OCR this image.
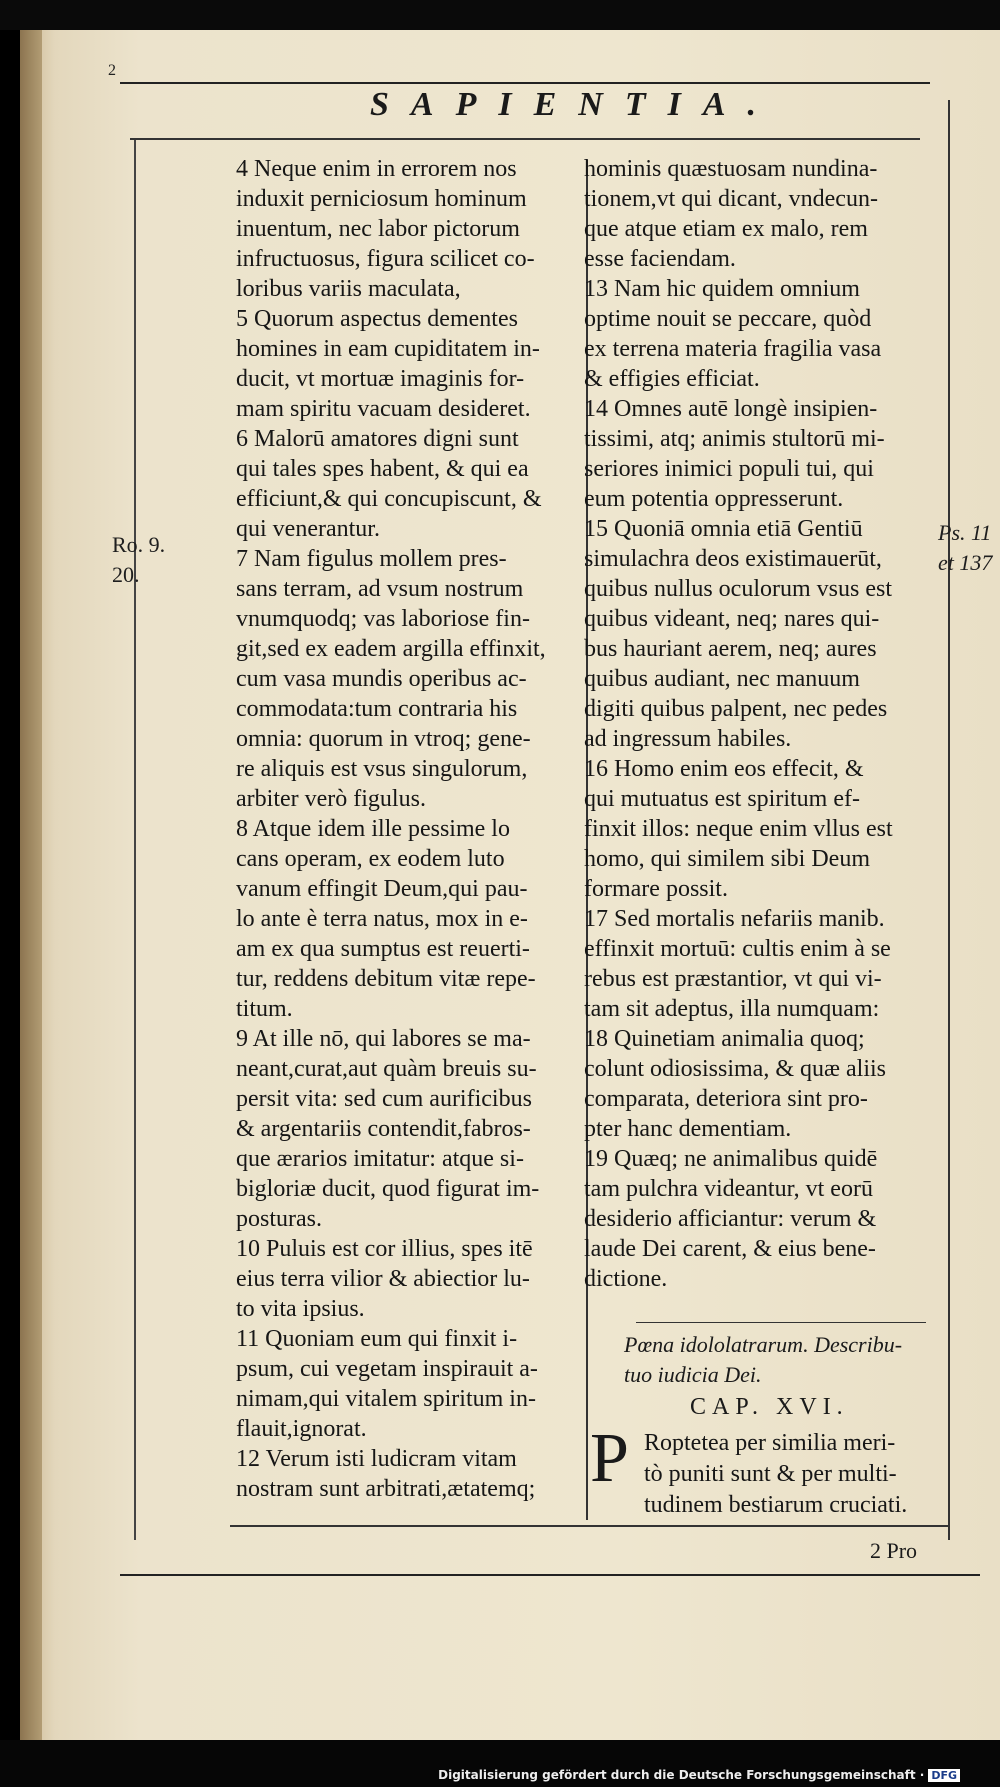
2
SAPIENTIA.
Ro. 9.
20.
Ps. 11
et 137

4 Neque enim in errorem nos

induxit perniciosum hominum

inuentum, nec labor pictorum

infructuosus, figura scilicet co-

loribus variis maculata,

5 Quorum aspectus dementes

homines in eam cupiditatem in-

ducit, vt mortuæ imaginis for-

mam spiritu vacuam desideret.

6 Malorū amatores digni sunt

qui tales spes habent, & qui ea

efficiunt,& qui concupiscunt, &

qui venerantur.

7 Nam figulus mollem pres-

sans terram, ad vsum nostrum

vnumquodq; vas laboriose fin-

git,sed ex eadem argilla effinxit,

cum vasa mundis operibus ac-

commodata:tum contraria his

omnia: quorum in vtroq; gene-

re aliquis est vsus singulorum,

arbiter verò figulus.

8 Atque idem ille pessime lo

cans operam, ex eodem luto

vanum effingit Deum,qui pau-

lo ante è terra natus, mox in e-

am ex qua sumptus est reuerti-

tur, reddens debitum vitæ repe-

titum.

9 At ille nō, qui labores se ma-

neant,curat,aut quàm breuis su-

persit vita: sed cum aurificibus

& argentariis contendit,fabros-

que ærarios imitatur: atque si-

bigloriæ ducit, quod figurat im-

posturas.

10 Puluis est cor illius, spes itē

eius terra vilior & abiectior lu-

to vita ipsius.

11 Quoniam eum qui finxit i-

psum, cui vegetam inspirauit a-

nimam,qui vitalem spiritum in-

flauit,ignorat.

12 Verum isti ludicram vitam

nostram sunt arbitrati,ætatemq;

hominis quæstuosam nundina-

tionem,vt qui dicant, vndecun-

que atque etiam ex malo, rem

esse faciendam.

13 Nam hic quidem omnium

optime nouit se peccare, quòd

ex terrena materia fragilia vasa

& effigies efficiat.

14 Omnes autē longè insipien-

tissimi, atq; animis stultorū mi-

seriores inimici populi tui, qui

eum potentia oppresserunt.

15 Quoniā omnia etiā Gentiū

simulachra deos existimauerūt,

quibus nullus oculorum vsus est

quibus videant, neq; nares qui-

bus hauriant aerem, neq; aures

quibus audiant, nec manuum

digiti quibus palpent, nec pedes

ad ingressum habiles.

16 Homo enim eos effecit, &

qui mutuatus est spiritum ef-

finxit illos: neque enim vllus est

homo, qui similem sibi Deum

formare possit.

17 Sed mortalis nefariis manib.

effinxit mortuū: cultis enim à se

rebus est præstantior, vt qui vi-

tam sit adeptus, illa numquam:

18 Quinetiam animalia quoq;

colunt odiosissima, & quæ aliis

comparata, deteriora sint pro-

pter hanc dementiam.

19 Quæq; ne animalibus quidē

tam pulchra videantur, vt eorū

desiderio afficiantur: verum &

laude Dei carent, & eius bene-

dictione.

Pœna idololatrarum. Describu-
tuo iudicia Dei.
CAP. XVI.
P Roptetea per similia meri-
tò puniti sunt & per multi-
tudinem bestiarum cruciati.
2 Pro
Digitalisierung gefördert durch die Deutsche Forschungsgemeinschaft · DFG
